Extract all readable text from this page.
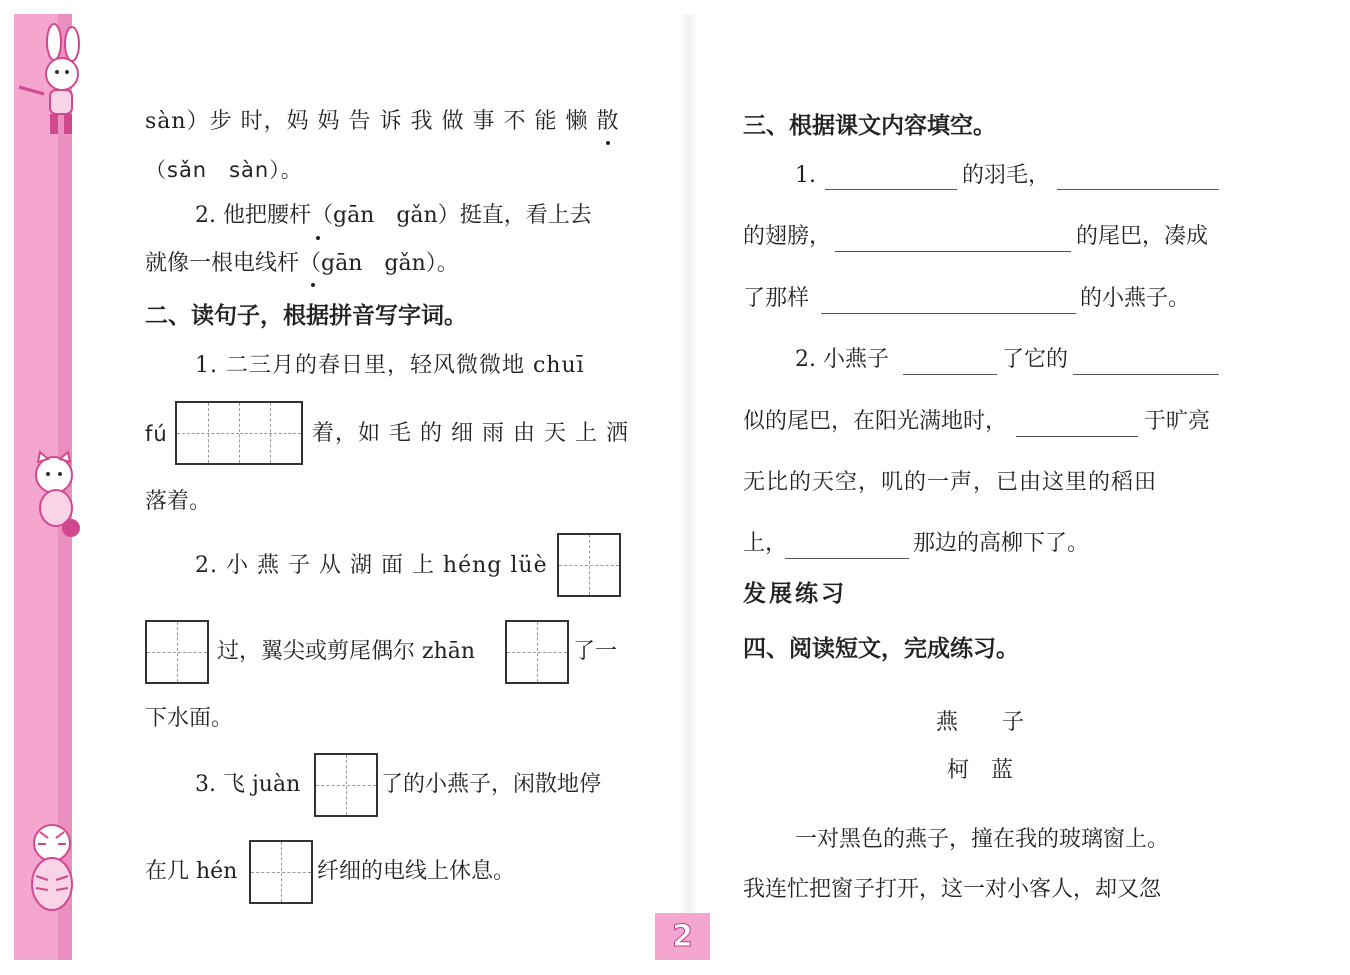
sàn）步 时，妈 妈 告 诉 我 做 事 不 能 懒 散
（sǎn　sàn）。
2. 他把腰杆（gān　gǎn）挺直，看上去
就像一根电线杆（gān　gǎn）。
二、读句子，根据拼音写字词。
1. 二三月的春日里，轻风微微地 chuī
fú	着，如 毛 的 细 雨 由 天 上 洒
落着。
2. 小 燕 子 从 湖 面 上 héng lüè
过，翼尖或剪尾偶尔 zhān	了一
下水面。
3. 飞 juàn	了的小燕子，闲散地停
在几 hén	纤细的电线上休息。
三、根据课文内容填空。
1.	的羽毛，
的翅膀，	的尾巴，凑成
了那样	的小燕子。
2. 小燕子	了它的
似的尾巴，在阳光满地时，	于旷亮
无比的天空，叽的一声，已由这里的稻田
上，	那边的高柳下了。
发展练习
四、阅读短文，完成练习。
燕　　子
柯　蓝
一对黑色的燕子，撞在我的玻璃窗上。
我连忙把窗子打开，这一对小客人，却又忽
2
